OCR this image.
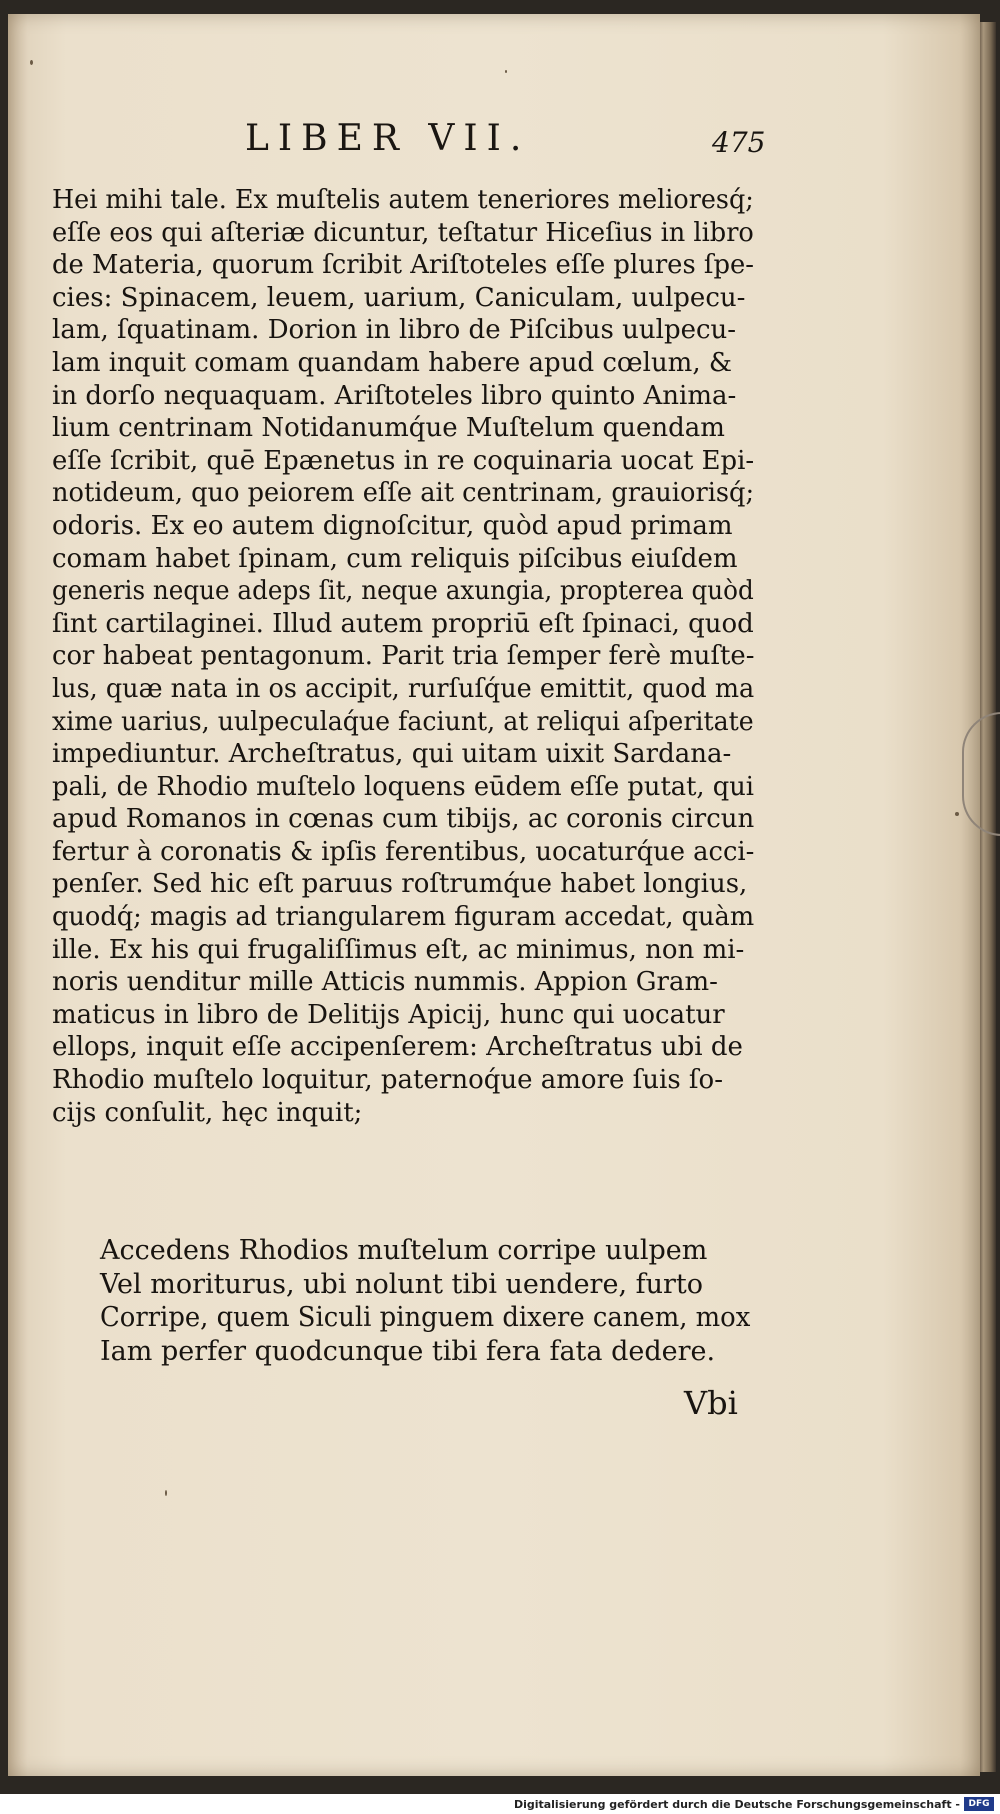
LIBER VII.	475
Hei mihi tale. Ex muſtelis autem teneriores melioresq́;
eſſe eos qui aſteriæ dicuntur, teſtatur Hiceſius in libro
de Materia, quorum ſcribit Ariſtoteles eſſe plures ſpe-
cies: Spinacem, leuem, uarium, Caniculam, uulpecu-
lam, ſquatinam. Dorion in libro de Piſcibus uulpecu-
lam inquit comam quandam habere apud cœlum, &
in dorſo nequaquam. Ariſtoteles libro quinto Anima-
lium centrinam Notidanumq́ue Muſtelum quendam
eſſe ſcribit, quē Epænetus in re coquinaria uocat Epi-
notideum, quo peiorem eſſe ait centrinam, grauiorisq́;
odoris. Ex eo autem dignoſcitur, quòd apud primam
comam habet ſpinam, cum reliquis piſcibus eiuſdem
generis neque adeps ſit, neque axungia, propterea quòd
ſint cartilaginei. Illud autem propriū eſt ſpinaci, quod
cor habeat pentagonum. Parit tria ſemper ferè muſte-
lus, quæ nata in os accipit, rurſuſq́ue emittit, quod ma
xime uarius, uulpeculaq́ue faciunt, at reliqui aſperitate
impediuntur. Archeſtratus, qui uitam uixit Sardana-
pali, de Rhodio muſtelo loquens eūdem eſſe putat, qui
apud Romanos in cœnas cum tibijs, ac coronis circun
fertur à coronatis & ipſis ferentibus, uocaturq́ue acci-
penſer. Sed hic eſt paruus roſtrumq́ue habet longius,
quodq́; magis ad triangularem figuram accedat, quàm
ille. Ex his qui frugaliſſimus eſt, ac minimus, non mi-
noris uenditur mille Atticis nummis. Appion Gram-
maticus in libro de Delitijs Apicij, hunc qui uocatur
ellops, inquit eſſe accipenſerem: Archeſtratus ubi de
Rhodio muſtelo loquitur, paternoq́ue amore ſuis ſo-
cijs conſulit, hęc inquit;
Accedens Rhodios muſtelum corripe uulpem
Vel moriturus, ubi nolunt tibi uendere, furto
Corripe, quem Siculi pinguem dixere canem, mox
Iam perfer quodcunque tibi fera fata dedere.
Vbi
Digitalisierung gefördert durch die Deutsche Forschungsgemeinschaft - DFG
